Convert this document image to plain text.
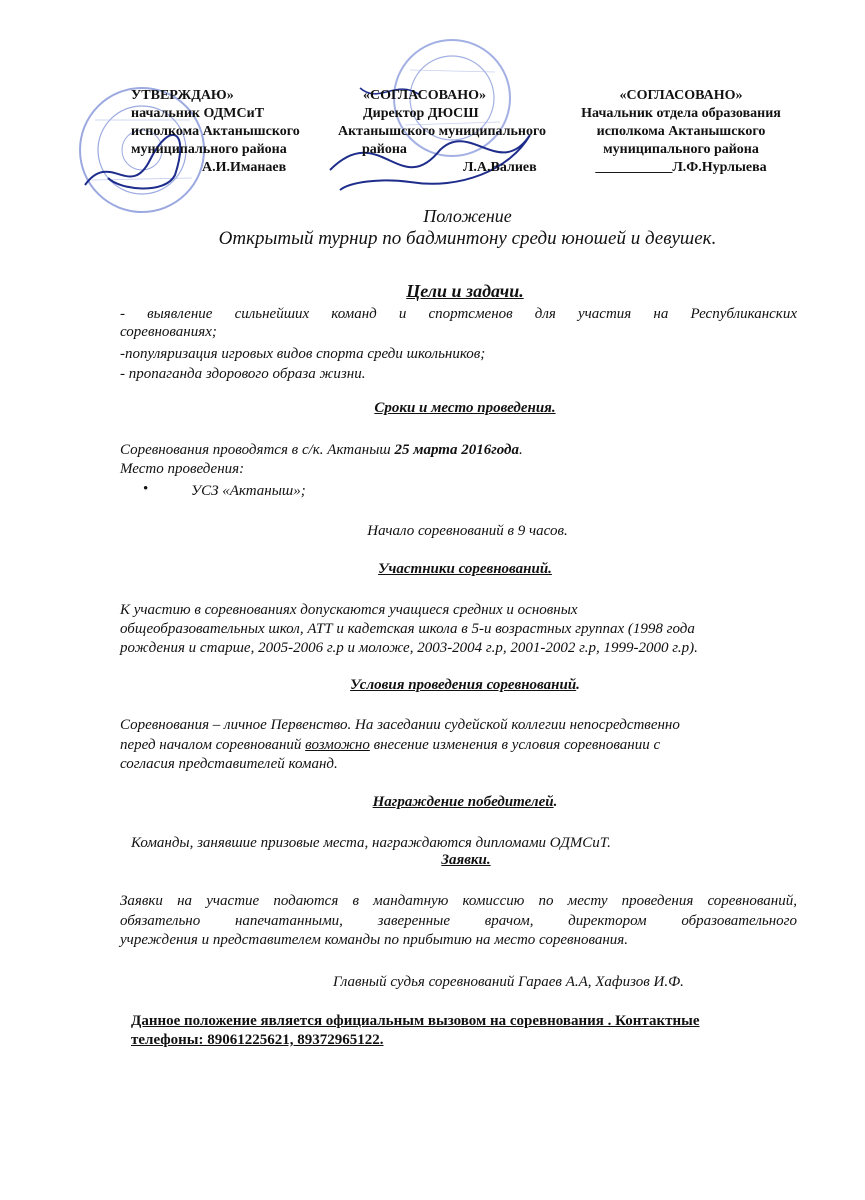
УТВЕРЖДАЮ»
начальник ОДМСиТ
исполкома Актанышского
муниципального района
А.И.Иманаев
«СОГЛАСОВАНО»
Директор ДЮСШ
Актанышского муниципального
района
Л.А.Валиев
«СОГЛАСОВАНО»
Начальник отдела образования
исполкома Актанышского
муниципального района
___________Л.Ф.Нурлыева
Положение
Открытый турнир по бадминтону среди юношей и девушек.
Цели и задачи.
- выявление сильнейших команд и спортсменов для участия на Республиканских
соревнованиях;
-популяризация игровых видов спорта среди школьников;
- пропаганда здорового образа жизни.
Сроки и место проведения.
Соревнования проводятся в с/к. Актаныш 25 марта 2016года.
Место проведения:
•	УСЗ «Актаныш»;
Начало соревнований в 9 часов.
Участники соревнований.
К участию в соревнованиях допускаются учащиеся средних и основных
общеобразовательных школ, АТТ и кадетская школа в 5-и возрастных группах (1998 года
рождения и старше, 2005-2006 г.р и моложе, 2003-2004 г.р, 2001-2002 г.р, 1999-2000 г.р).
Условия проведения соревнований.
Соревнования – личное Первенство. На заседании судейской коллегии непосредственно
перед началом соревнований возможно внесение изменения в условия соревновании с
согласия представителей команд.
Награждение победителей.
Команды, занявшие призовые места, награждаются дипломами ОДМСиТ.
Заявки.
Заявки на участие подаются в мандатную комиссию по месту проведения соревнований,
обязательно напечатанными, заверенные врачом, директором образовательного
учреждения и представителем команды по прибытию на место соревнования.
Главный судья соревнований Гараев А.А, Хафизов И.Ф.
Данное положение является официальным вызовом на соревнования . Контактные
телефоны: 89061225621, 89372965122.
